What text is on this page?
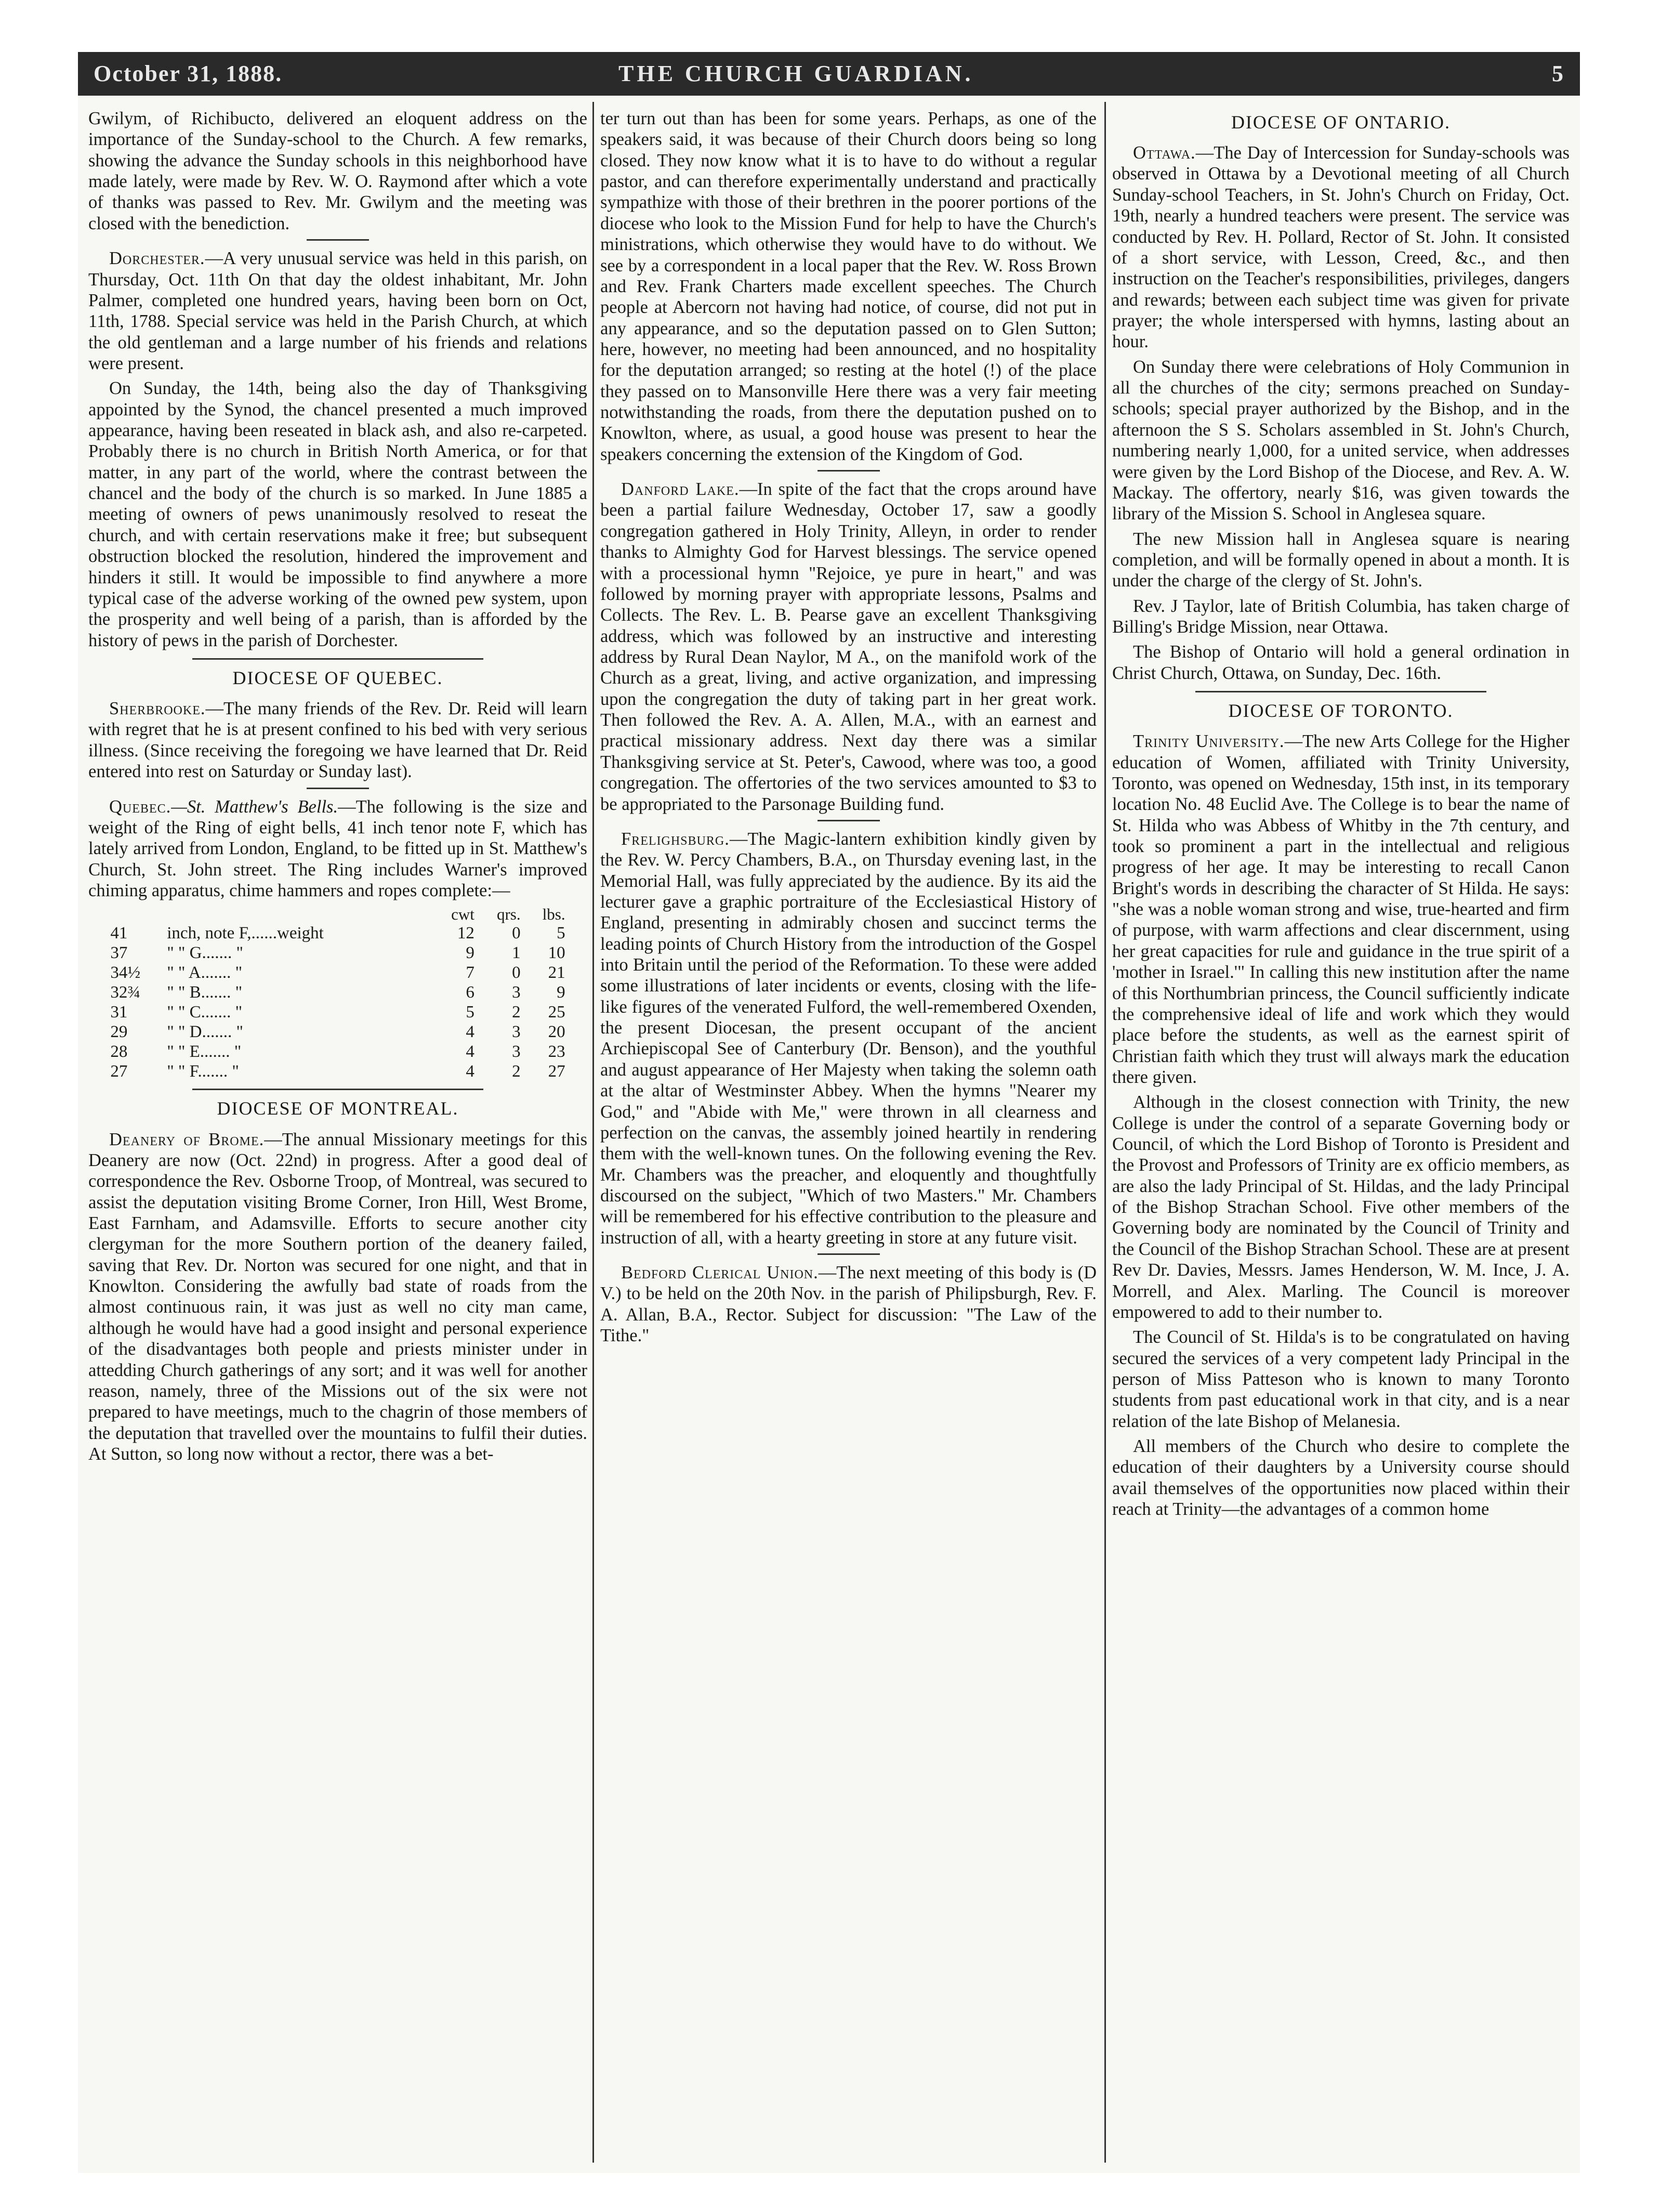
October 31, 1888.	THE CHURCH GUARDIAN.	5

Gwilym, of Richibucto, delivered an eloquent address on the importance of the Sunday-school to the Church. A few remarks, showing the advance the Sunday schools in this neighborhood have made lately, were made by Rev. W. O. Raymond after which a vote of thanks was passed to Rev. Mr. Gwilym and the meeting was closed with the benediction.

Dorchester.—A very unusual service was held in this parish, on Thursday, Oct. 11th On that day the oldest inhabitant, Mr. John Palmer, completed one hundred years, having been born on Oct, 11th, 1788. Special service was held in the Parish Church, at which the old gentleman and a large number of his friends and relations were present.

On Sunday, the 14th, being also the day of Thanksgiving appointed by the Synod, the chancel presented a much improved appearance, having been reseated in black ash, and also re-carpeted. Probably there is no church in British North America, or for that matter, in any part of the world, where the contrast between the chancel and the body of the church is so marked. In June 1885 a meeting of owners of pews unanimously resolved to reseat the church, and with certain reservations make it free; but subsequent obstruction blocked the resolution, hindered the improvement and hinders it still. It would be impossible to find anywhere a more typical case of the adverse working of the owned pew system, upon the prosperity and well being of a parish, than is afforded by the history of pews in the parish of Dorchester.

DIOCESE OF QUEBEC.

Sherbrooke.—The many friends of the Rev. Dr. Reid will learn with regret that he is at present confined to his bed with very serious illness. (Since receiving the foregoing we have learned that Dr. Reid entered into rest on Saturday or Sunday last).

Quebec.—St. Matthew's Bells.—The following is the size and weight of the Ring of eight bells, 41 inch tenor note F, which has lately arrived from London, England, to be fitted up in St. Matthew's Church, St. John street. The Ring includes Warner's improved chiming apparatus, chime hammers and ropes complete:—

		cwt	qrs.	lbs.
41	inch, note F,......weight	12	0	5
37	" " G....... "	9	1	10
34½	" " A....... "	7	0	21
32¾	" " B....... "	6	3	9
31	" " C....... "	5	2	25
29	" " D....... "	4	3	20
28	" " E....... "	4	3	23
27	" " F....... "	4	2	27
DIOCESE OF MONTREAL.

Deanery of Brome.—The annual Missionary meetings for this Deanery are now (Oct. 22nd) in progress. After a good deal of correspondence the Rev. Osborne Troop, of Montreal, was secured to assist the deputation visiting Brome Corner, Iron Hill, West Brome, East Farnham, and Adamsville. Efforts to secure another city clergyman for the more Southern portion of the deanery failed, saving that Rev. Dr. Norton was secured for one night, and that in Knowlton. Considering the awfully bad state of roads from the almost continuous rain, it was just as well no city man came, although he would have had a good insight and personal experience of the disadvantages both people and priests minister under in attedding Church gatherings of any sort; and it was well for another reason, namely, three of the Missions out of the six were not prepared to have meetings, much to the chagrin of those members of the deputation that travelled over the mountains to fulfil their duties. At Sutton, so long now without a rector, there was a bet-

ter turn out than has been for some years. Perhaps, as one of the speakers said, it was because of their Church doors being so long closed. They now know what it is to have to do without a regular pastor, and can therefore experimentally understand and practically sympathize with those of their brethren in the poorer portions of the diocese who look to the Mission Fund for help to have the Church's ministrations, which otherwise they would have to do without. We see by a correspondent in a local paper that the Rev. W. Ross Brown and Rev. Frank Charters made excellent speeches. The Church people at Abercorn not having had notice, of course, did not put in any appearance, and so the deputation passed on to Glen Sutton; here, however, no meeting had been announced, and no hospitality for the deputation arranged; so resting at the hotel (!) of the place they passed on to Mansonville Here there was a very fair meeting notwithstanding the roads, from there the deputation pushed on to Knowlton, where, as usual, a good house was present to hear the speakers concerning the extension of the Kingdom of God.

Danford Lake.—In spite of the fact that the crops around have been a partial failure Wednesday, October 17, saw a goodly congregation gathered in Holy Trinity, Alleyn, in order to render thanks to Almighty God for Harvest blessings. The service opened with a processional hymn "Rejoice, ye pure in heart," and was followed by morning prayer with appropriate lessons, Psalms and Collects. The Rev. L. B. Pearse gave an excellent Thanksgiving address, which was followed by an instructive and interesting address by Rural Dean Naylor, M A., on the manifold work of the Church as a great, living, and active organization, and impressing upon the congregation the duty of taking part in her great work. Then followed the Rev. A. A. Allen, M.A., with an earnest and practical missionary address. Next day there was a similar Thanksgiving service at St. Peter's, Cawood, where was too, a good congregation. The offertories of the two services amounted to $3 to be appropriated to the Parsonage Building fund.

Frelighsburg.—The Magic-lantern exhibition kindly given by the Rev. W. Percy Chambers, B.A., on Thursday evening last, in the Memorial Hall, was fully appreciated by the audience. By its aid the lecturer gave a graphic portraiture of the Ecclesiastical History of England, presenting in admirably chosen and succinct terms the leading points of Church History from the introduction of the Gospel into Britain until the period of the Reformation. To these were added some illustrations of later incidents or events, closing with the life-like figures of the venerated Fulford, the well-remembered Oxenden, the present Diocesan, the present occupant of the ancient Archiepiscopal See of Canterbury (Dr. Benson), and the youthful and august appearance of Her Majesty when taking the solemn oath at the altar of Westminster Abbey. When the hymns "Nearer my God," and "Abide with Me," were thrown in all clearness and perfection on the canvas, the assembly joined heartily in rendering them with the well-known tunes. On the following evening the Rev. Mr. Chambers was the preacher, and eloquently and thoughtfully discoursed on the subject, "Which of two Masters." Mr. Chambers will be remembered for his effective contribution to the pleasure and instruction of all, with a hearty greeting in store at any future visit.

Bedford Clerical Union.—The next meeting of this body is (D V.) to be held on the 20th Nov. in the parish of Philipsburgh, Rev. F. A. Allan, B.A., Rector. Subject for discussion: "The Law of the Tithe."

DIOCESE OF ONTARIO.

Ottawa.—The Day of Intercession for Sunday-schools was observed in Ottawa by a Devotional meeting of all Church Sunday-school Teachers, in St. John's Church on Friday, Oct. 19th, nearly a hundred teachers were present. The service was conducted by Rev. H. Pollard, Rector of St. John. It consisted of a short service, with Lesson, Creed, &c., and then instruction on the Teacher's responsibilities, privileges, dangers and rewards; between each subject time was given for private prayer; the whole interspersed with hymns, lasting about an hour.

On Sunday there were celebrations of Holy Communion in all the churches of the city; sermons preached on Sunday-schools; special prayer authorized by the Bishop, and in the afternoon the S S. Scholars assembled in St. John's Church, numbering nearly 1,000, for a united service, when addresses were given by the Lord Bishop of the Diocese, and Rev. A. W. Mackay. The offertory, nearly $16, was given towards the library of the Mission S. School in Anglesea square.

The new Mission hall in Anglesea square is nearing completion, and will be formally opened in about a month. It is under the charge of the clergy of St. John's.

Rev. J Taylor, late of British Columbia, has taken charge of Billing's Bridge Mission, near Ottawa.

The Bishop of Ontario will hold a general ordination in Christ Church, Ottawa, on Sunday, Dec. 16th.

DIOCESE OF TORONTO.

Trinity University.—The new Arts College for the Higher education of Women, affiliated with Trinity University, Toronto, was opened on Wednesday, 15th inst, in its temporary location No. 48 Euclid Ave. The College is to bear the name of St. Hilda who was Abbess of Whitby in the 7th century, and took so prominent a part in the intellectual and religious progress of her age. It may be interesting to recall Canon Bright's words in describing the character of St Hilda. He says: "she was a noble woman strong and wise, true-hearted and firm of purpose, with warm affections and clear discernment, using her great capacities for rule and guidance in the true spirit of a 'mother in Israel.'" In calling this new institution after the name of this Northumbrian princess, the Council sufficiently indicate the comprehensive ideal of life and work which they would place before the students, as well as the earnest spirit of Christian faith which they trust will always mark the education there given.

Although in the closest connection with Trinity, the new College is under the control of a separate Governing body or Council, of which the Lord Bishop of Toronto is President and the Provost and Professors of Trinity are ex officio members, as are also the lady Principal of St. Hildas, and the lady Principal of the Bishop Strachan School. Five other members of the Governing body are nominated by the Council of Trinity and the Council of the Bishop Strachan School. These are at present Rev Dr. Davies, Messrs. James Henderson, W. M. Ince, J. A. Morrell, and Alex. Marling. The Council is moreover empowered to add to their number to.

The Council of St. Hilda's is to be congratulated on having secured the services of a very competent lady Principal in the person of Miss Patteson who is known to many Toronto students from past educational work in that city, and is a near relation of the late Bishop of Melanesia.

All members of the Church who desire to complete the education of their daughters by a University course should avail themselves of the opportunities now placed within their reach at Trinity—the advantages of a common home
